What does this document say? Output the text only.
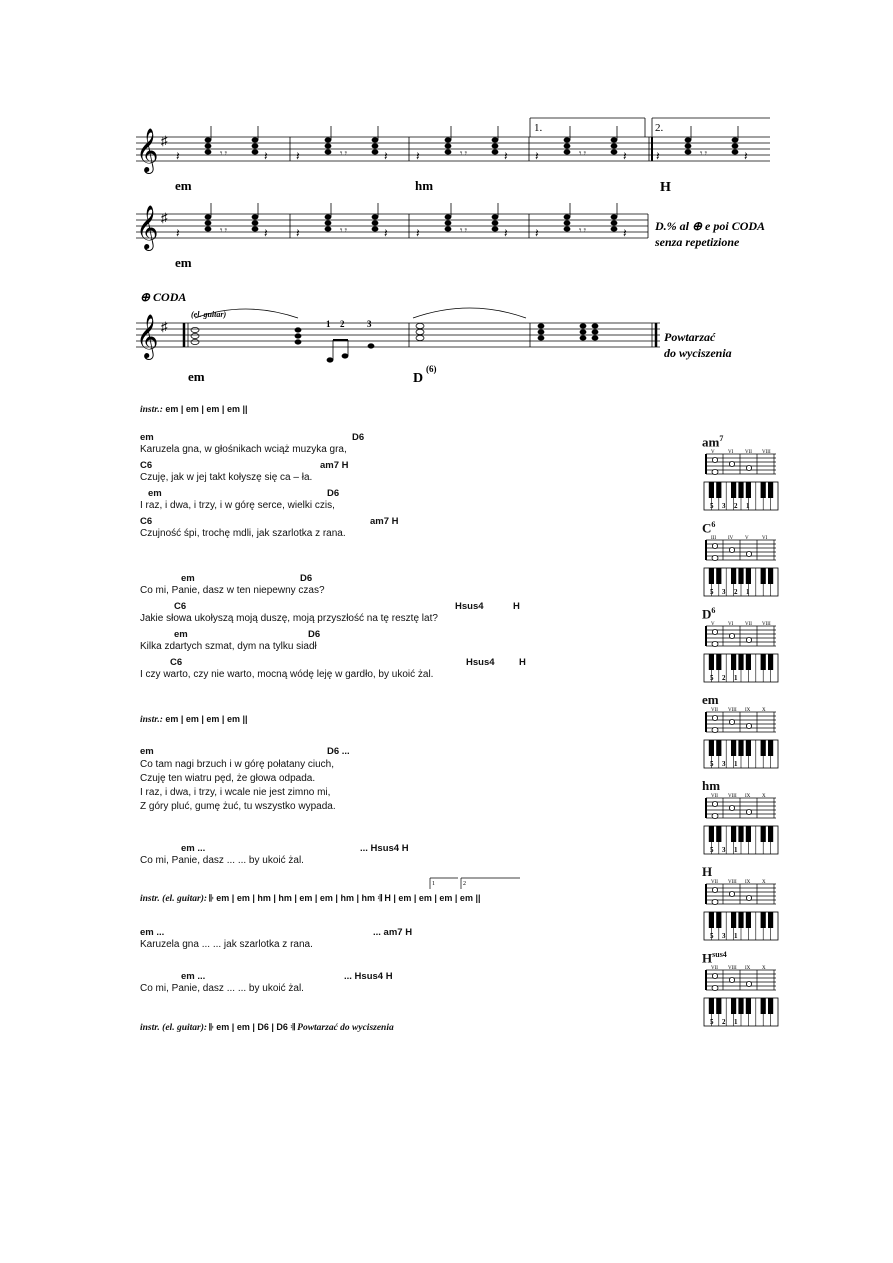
𝄞
𝄞
𝄞
♯
♯
♯
𝄽	𝄾 𝄾	𝄽
em	hm	H
1.	2.
em
D.% al ⊕ e poi CODA
senza repetizione
⊕ CODA
(el. guitar)
1 2	3
em	D
(6)
Powtarzać
do wyciszenia
instr.: em | em | em | em ||
em	D6
Karuzela gna, w głośnikach wciąż muzyka gra,
C6	am7 H
Czuję, jak w jej takt kołyszę się ca – ła.
em	D6
I raz, i dwa, i trzy, i w górę serce, wielki czis,
C6	am7 H
Czujność śpi, trochę mdli, jak szarlotka z rana.
em	D6
Co mi, Panie, dasz w ten niepewny czas?
C6	Hsus4	H
Jakie słowa ukołyszą moją duszę, moją przyszłość na tę resztę lat?
em	D6
Kilka zdartych szmat, dym na tylku siadł
C6	Hsus4	H
I czy warto, czy nie warto, mocną wódę leję w gardło, by ukoić żal.
em	D6 ...
Co tam nagi brzuch i w górę połatany ciuch,
Czuję ten wiatru pęd, że głowa odpada.
I raz, i dwa, i trzy, i wcale nie jest zimno mi,
Z góry pluć, gumę żuć, tu wszystko wypada.
em ...	... Hsus4 H
Co mi, Panie, dasz ... ... by ukoić żal.
em ...	... am7 H
Karuzela gna ... ... jak szarlotka z rana.
em ...	... Hsus4 H
Co mi, Panie, dasz ... ... by ukoić żal.
instr.: em | em | em | em ||
instr. (el. guitar): 𝄆 em | em | hm | hm | em | em | hm | hm 𝄇 H | em | em | em | em ||
1	2
instr. (el. guitar): 𝄆 em | em | D6 | D6 𝄇 Powtarzać do wyciszenia
$am^7$
V	VI VII VIII
5 3 2 1
$C^6$
III IV V	VI
5 3 2 1
$D^6$
V	VI VII VIII
5 2 1
em
VII VIII IX X
5 3 1
hm
VII VIII IX X
5 3 1
H
VII VIII IX X
5 3 1
$H^{sus4}$
VII VIII IX X
5 2 1
